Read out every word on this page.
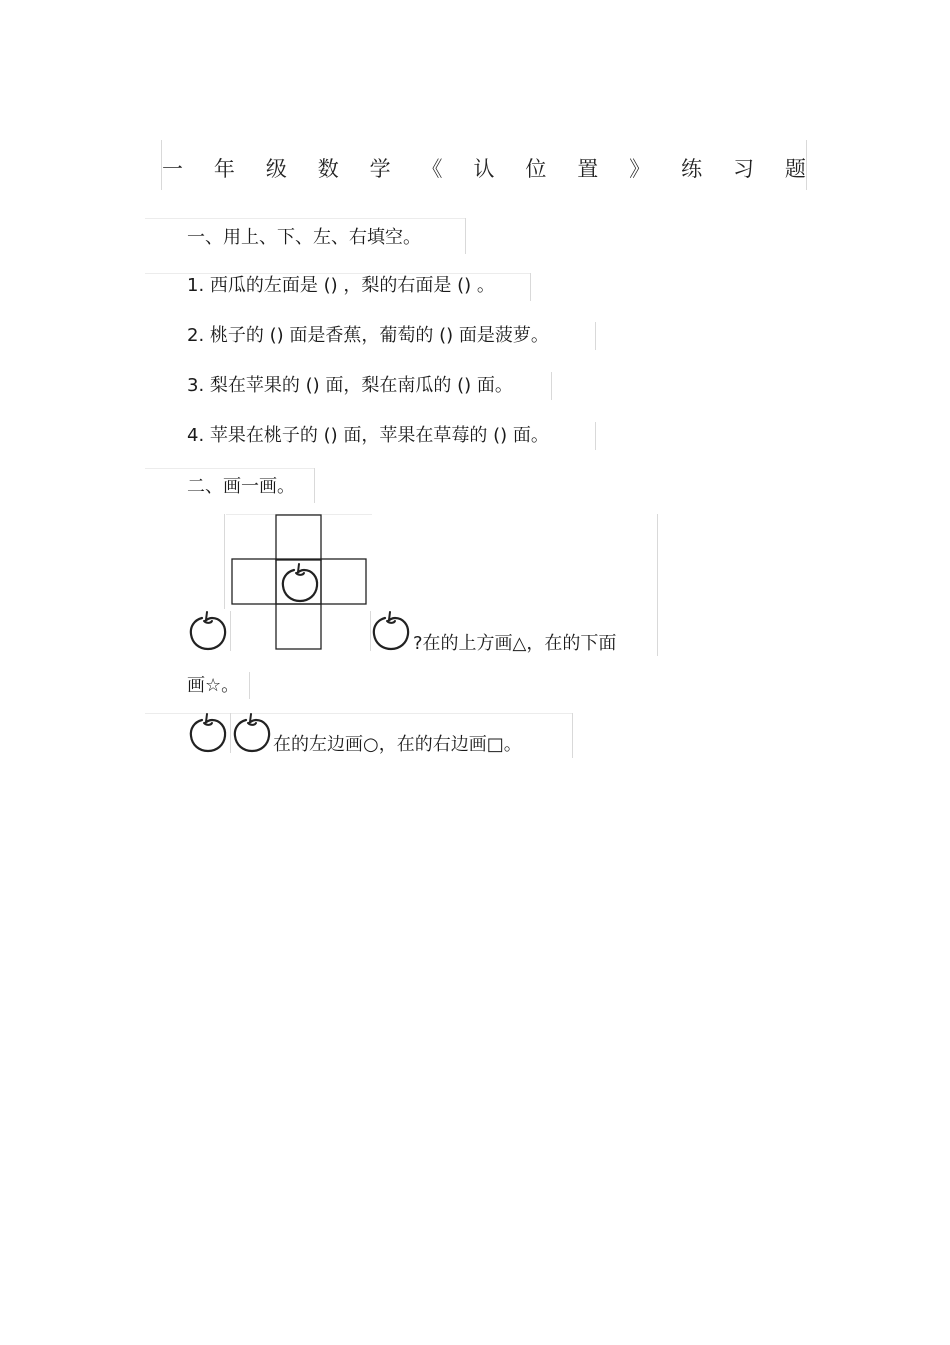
一 年 级 数 学 《 认 位 置 》 练 习 题
一、用上、下、左、右填空。
1. 西瓜的左面是 () ，梨的右面是 () 。
2. 桃子的 () 面是香蕉，葡萄的 () 面是菠萝。
3. 梨在苹果的 () 面，梨在南瓜的 () 面。
4. 苹果在桃子的 () 面，苹果在草莓的 () 面。
二、画一画。
?在的上方画△，在的下面
画☆。
在的左边画○，在的右边画□。
